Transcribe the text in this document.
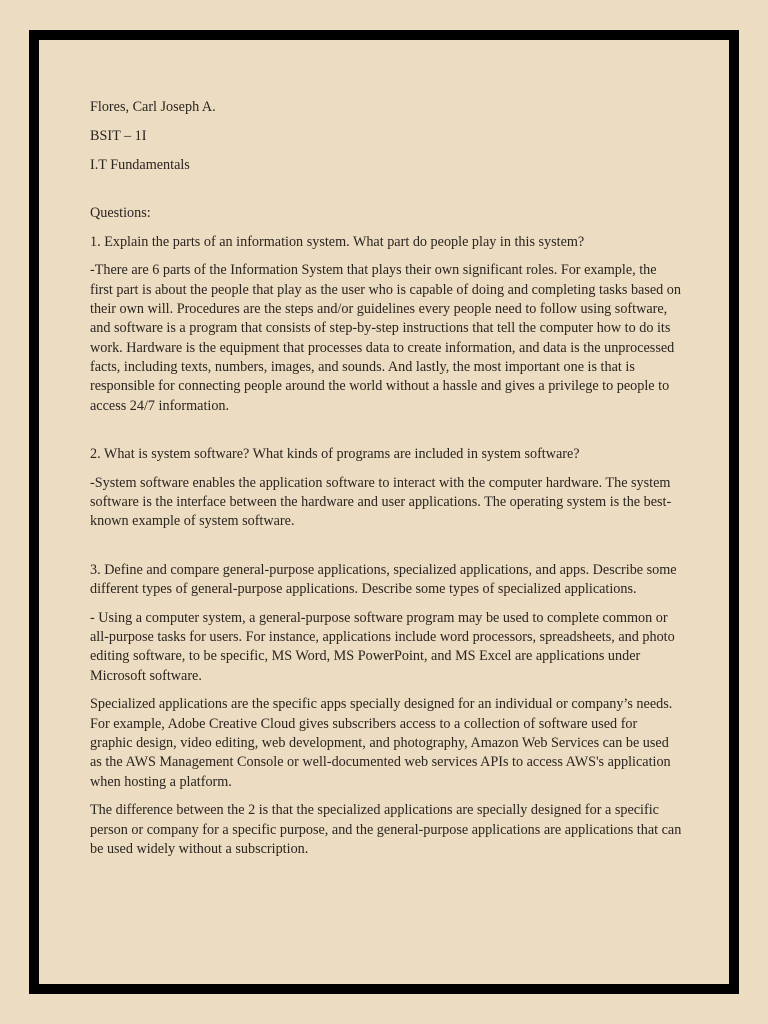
Flores, Carl Joseph A.

BSIT – 1I

I.T Fundamentals

Questions:

1. Explain the parts of an information system. What part do people play in this system?

-There are 6 parts of the Information System that plays their own significant roles. For example, the first part is about the people that play as the user who is capable of doing and completing tasks based on their own will. Procedures are the steps and/or guidelines every people need to follow using software, and software is a program that consists of step-by-step instructions that tell the computer how to do its work. Hardware is the equipment that processes data to create information, and data is the unprocessed facts, including texts, numbers, images, and sounds. And lastly, the most important one is that is responsible for connecting people around the world without a hassle and gives a privilege to people to access 24/7 information.

2. What is system software? What kinds of programs are included in system software?

-System software enables the application software to interact with the computer hardware. The system software is the interface between the hardware and user applications. The operating system is the best-known example of system software.

3. Define and compare general-purpose applications, specialized applications, and apps. Describe some different types of general-purpose applications. Describe some types of specialized applications.

- Using a computer system, a general-purpose software program may be used to complete common or all-purpose tasks for users. For instance, applications include word processors, spreadsheets, and photo editing software, to be specific, MS Word, MS PowerPoint, and MS Excel are applications under Microsoft software.

Specialized applications are the specific apps specially designed for an individual or company’s needs. For example, Adobe Creative Cloud gives subscribers access to a collection of software used for graphic design, video editing, web development, and photography, Amazon Web Services can be used as the AWS Management Console or well-documented web services APIs to access AWS's application when hosting a platform.

The difference between the 2 is that the specialized applications are specially designed for a specific person or company for a specific purpose, and the general-purpose applications are applications that can be used widely without a subscription.
